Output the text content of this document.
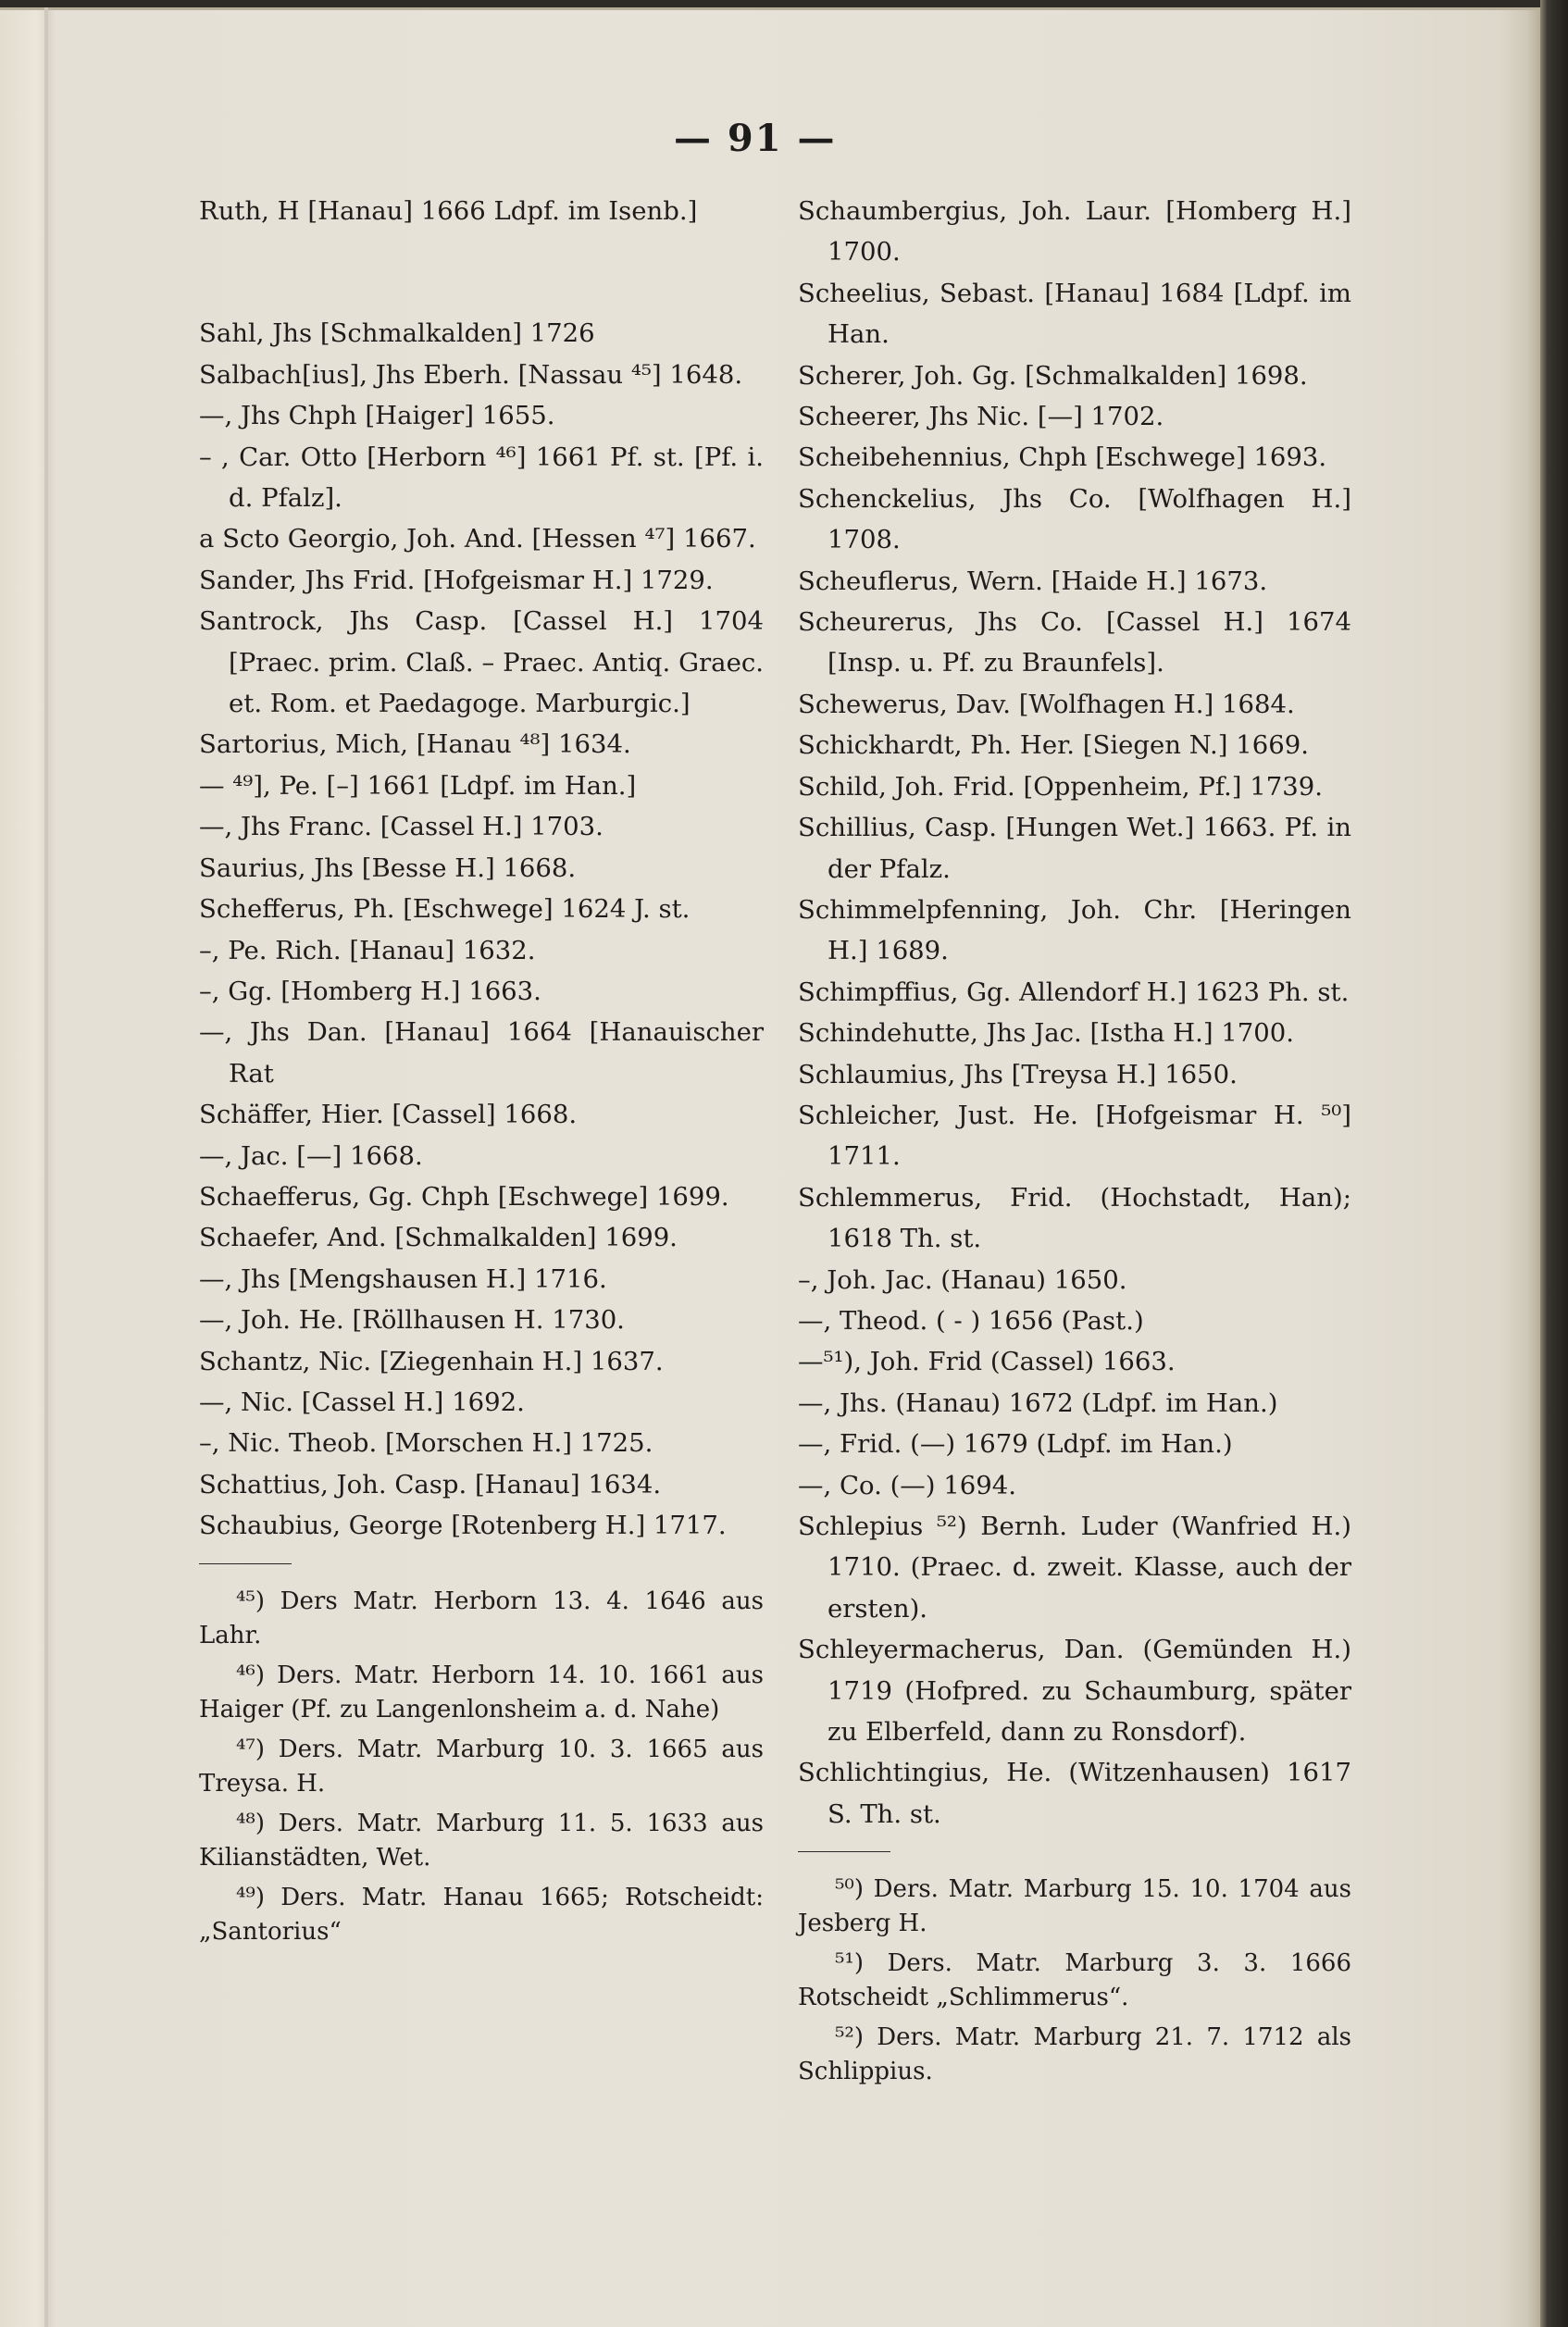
— 91 —
Ruth, H [Hanau] 1666 Ldpf. im Isenb.]
Sahl, Jhs [Schmalkalden] 1726
Salbach[ius], Jhs Eberh. [Nassau ⁴⁵] 1648.
—, Jhs Chph [Haiger] 1655.
– , Car. Otto [Herborn ⁴⁶] 1661 Pf. st. [Pf. i. d. Pfalz].
a Scto Georgio, Joh. And. [Hessen ⁴⁷] 1667.
Sander, Jhs Frid. [Hofgeismar H.] 1729.
Santrock, Jhs Casp. [Cassel H.] 1704 [Praec. prim. Claß. – Praec. Antiq. Graec. et. Rom. et Paedagoge. Marburgic.]
Sartorius, Mich, [Hanau ⁴⁸] 1634.
— ⁴⁹], Pe. [–] 1661 [Ldpf. im Han.]
—, Jhs Franc. [Cassel H.] 1703.
Saurius, Jhs [Besse H.] 1668.
Schefferus, Ph. [Eschwege] 1624 J. st.
–, Pe. Rich. [Hanau] 1632.
–, Gg. [Homberg H.] 1663.
—, Jhs Dan. [Hanau] 1664 [Hanauischer Rat
Schäffer, Hier. [Cassel] 1668.
—, Jac. [—] 1668.
Schaefferus, Gg. Chph [Eschwege] 1699.
Schaefer, And. [Schmalkalden] 1699.
—, Jhs [Mengshausen H.] 1716.
—, Joh. He. [Röllhausen H. 1730.
Schantz, Nic. [Ziegenhain H.] 1637.
—, Nic. [Cassel H.] 1692.
–, Nic. Theob. [Morschen H.] 1725.
Schattius, Joh. Casp. [Hanau] 1634.
Schaubius, George [Rotenberg H.] 1717.
⁴⁵) Ders Matr. Herborn 13. 4. 1646 aus Lahr.
⁴⁶) Ders. Matr. Herborn 14. 10. 1661 aus Haiger (Pf. zu Langenlonsheim a. d. Nahe)
⁴⁷) Ders. Matr. Marburg 10. 3. 1665 aus Treysa. H.
⁴⁸) Ders. Matr. Marburg 11. 5. 1633 aus Kilianstädten, Wet.
⁴⁹) Ders. Matr. Hanau 1665; Rotscheidt: „Santorius“
Schaumbergius, Joh. Laur. [Homberg H.] 1700.
Scheelius, Sebast. [Hanau] 1684 [Ldpf. im Han.
Scherer, Joh. Gg. [Schmalkalden] 1698.
Scheerer, Jhs Nic. [—] 1702.
Scheibehennius, Chph [Eschwege] 1693.
Schenckelius, Jhs Co. [Wolfhagen H.] 1708.
Scheuflerus, Wern. [Haide H.] 1673.
Scheurerus, Jhs Co. [Cassel H.] 1674 [Insp. u. Pf. zu Braunfels].
Schewerus, Dav. [Wolfhagen H.] 1684.
Schickhardt, Ph. Her. [Siegen N.] 1669.
Schild, Joh. Frid. [Oppenheim, Pf.] 1739.
Schillius, Casp. [Hungen Wet.] 1663. Pf. in der Pfalz.
Schimmelpfenning, Joh. Chr. [Heringen H.] 1689.
Schimpffius, Gg. Allendorf H.] 1623 Ph. st.
Schindehutte, Jhs Jac. [Istha H.] 1700.
Schlaumius, Jhs [Treysa H.] 1650.
Schleicher, Just. He. [Hofgeismar H. ⁵⁰] 1711.
Schlemmerus, Frid. (Hochstadt, Han); 1618 Th. st.
–, Joh. Jac. (Hanau) 1650.
—, Theod. ( - ) 1656 (Past.)
—⁵¹), Joh. Frid (Cassel) 1663.
—, Jhs. (Hanau) 1672 (Ldpf. im Han.)
—, Frid. (—) 1679 (Ldpf. im Han.)
—, Co. (—) 1694.
Schlepius ⁵²) Bernh. Luder (Wanfried H.) 1710. (Praec. d. zweit. Klasse, auch der ersten).
Schleyermacherus, Dan. (Gemünden H.) 1719 (Hofpred. zu Schaumburg, später zu Elberfeld, dann zu Ronsdorf).
Schlichtingius, He. (Witzenhausen) 1617 S. Th. st.
⁵⁰) Ders. Matr. Marburg 15. 10. 1704 aus Jesberg H.
⁵¹) Ders. Matr. Marburg 3. 3. 1666 Rotscheidt „Schlimmerus“.
⁵²) Ders. Matr. Marburg 21. 7. 1712 als Schlippius.
